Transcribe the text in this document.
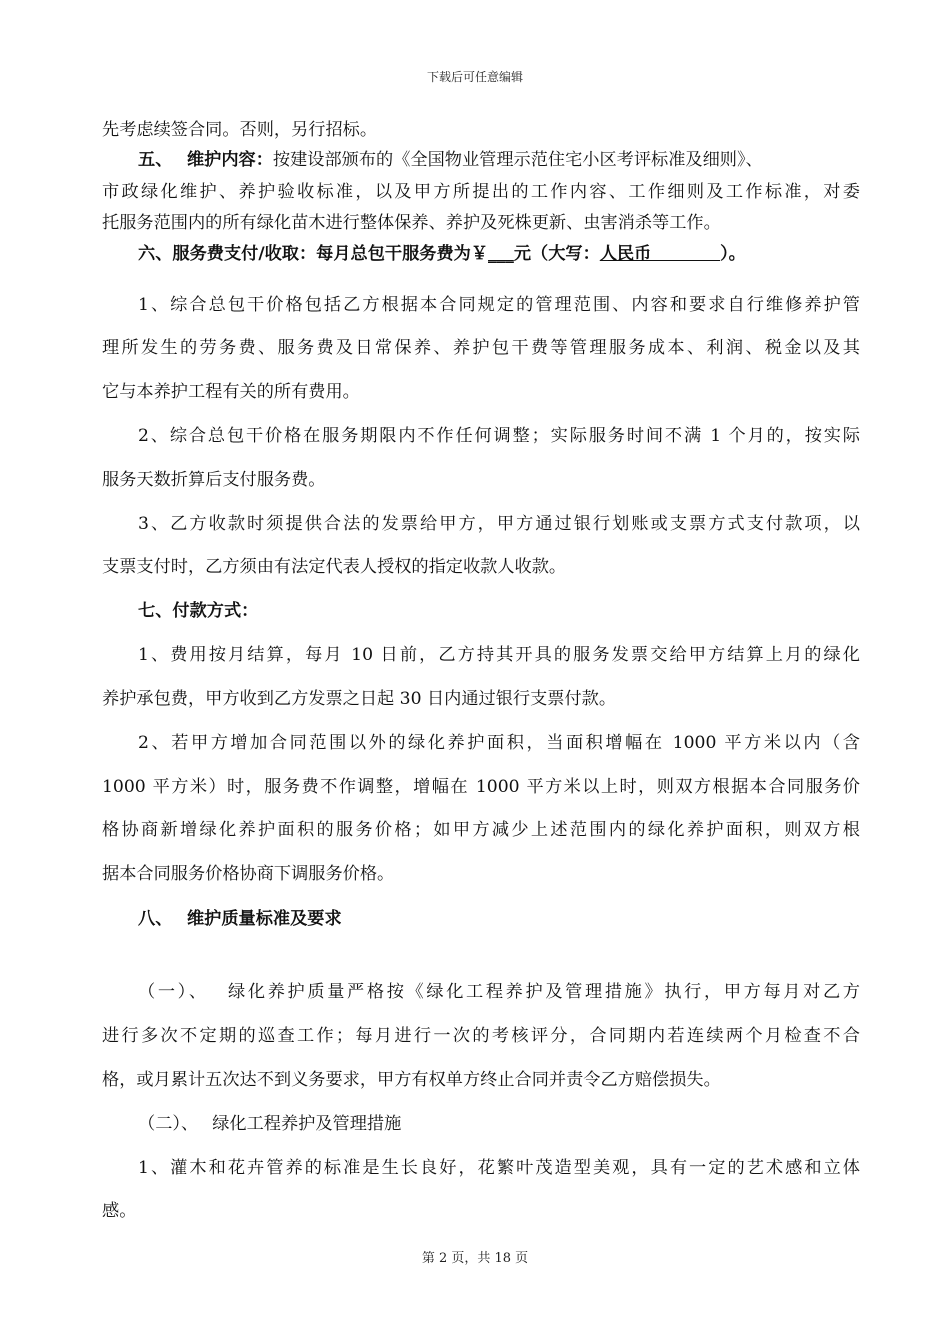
下载后可任意编辑
先考虑续签合同。否则，另行招标。
五、　 维护内容：按建设部颁布的《全国物业管理示范住宅小区考评标准及细则》、
市政绿化维护、养护验收标准，以及甲方所提出的工作内容、工作细则及工作标准，对委
托服务范围内的所有绿化苗木进行整体保养、养护及死株更新、虫害消杀等工作。
六、服务费支付/收取：每月总包干服务费为￥___元（大写：人民币　　　　）。
1、综合总包干价格包括乙方根据本合同规定的管理范围、内容和要求自行维修养护管
理所发生的劳务费、服务费及日常保养、养护包干费等管理服务成本、利润、税金以及其
它与本养护工程有关的所有费用。
2、综合总包干价格在服务期限内不作任何调整；实际服务时间不满 1 个月的，按实际
服务天数折算后支付服务费。
3、乙方收款时须提供合法的发票给甲方，甲方通过银行划账或支票方式支付款项，以
支票支付时，乙方须由有法定代表人授权的指定收款人收款。
七、付款方式：
1、费用按月结算，每月 10 日前，乙方持其开具的服务发票交给甲方结算上月的绿化
养护承包费，甲方收到乙方发票之日起 30 日内通过银行支票付款。
2、若甲方增加合同范围以外的绿化养护面积，当面积增幅在 1000 平方米以内（含
1000 平方米）时，服务费不作调整，增幅在 1000 平方米以上时，则双方根据本合同服务价
格协商新增绿化养护面积的服务价格；如甲方减少上述范围内的绿化养护面积，则双方根
据本合同服务价格协商下调服务价格。
八、　 维护质量标准及要求
（一）、　 绿化养护质量严格按《绿化工程养护及管理措施》执行，甲方每月对乙方
进行多次不定期的巡查工作；每月进行一次的考核评分，合同期内若连续两个月检查不合
格，或月累计五次达不到义务要求，甲方有权单方终止合同并责令乙方赔偿损失。
（二）、　 绿化工程养护及管理措施
1、灌木和花卉管养的标准是生长良好，花繁叶茂造型美观，具有一定的艺术感和立体
感。
第 2 页，共 18 页
